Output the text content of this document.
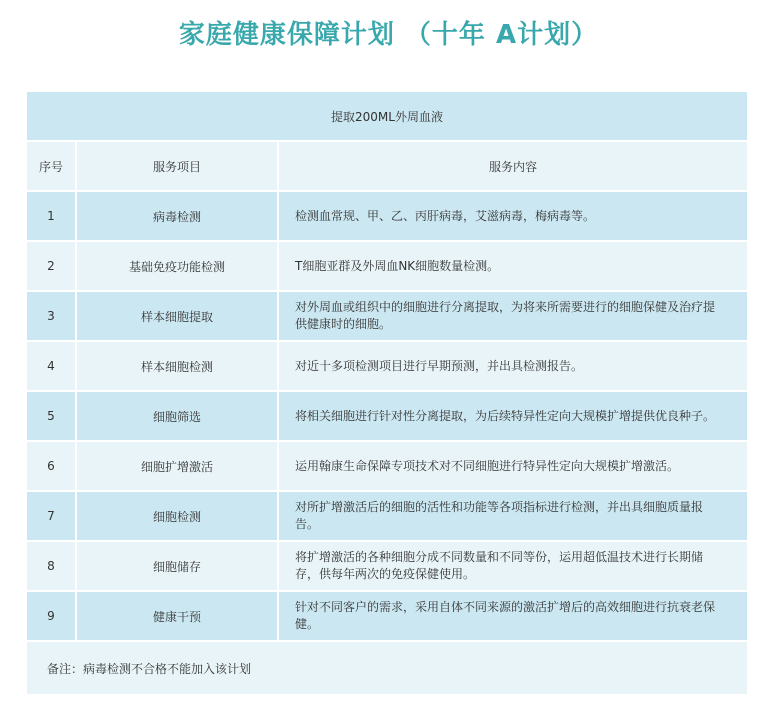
家庭健康保障计划 （十年 A计划）
提取200ML外周血液		
序号	服务项目	服务内容
1	病毒检测	检测血常规、甲、乙、丙肝病毒，艾滋病毒，梅病毒等。
2	基础免疫功能检测	T细胞亚群及外周血NK细胞数量检测。
3	样本细胞提取	对外周血或组织中的细胞进行分离提取，为将来所需要进行的细胞保健及治疗提供健康时的细胞。
4	样本细胞检测	对近十多项检测项目进行早期预测，并出具检测报告。
5	细胞筛选	将相关细胞进行针对性分离提取，为后续特异性定向大规模扩增提供优良种子。
6	细胞扩增激活	运用翰康生命保障专项技术对不同细胞进行特异性定向大规模扩增激活。
7	细胞检测	对所扩增激活后的细胞的活性和功能等各项指标进行检测，并出具细胞质量报告。
8	细胞储存	将扩增激活的各种细胞分成不同数量和不同等份，运用超低温技术进行长期储存，供每年两次的免疫保健使用。
9	健康干预	针对不同客户的需求，采用自体不同来源的激活扩增后的高效细胞进行抗衰老保健。
备注：病毒检测不合格不能加入该计划		
